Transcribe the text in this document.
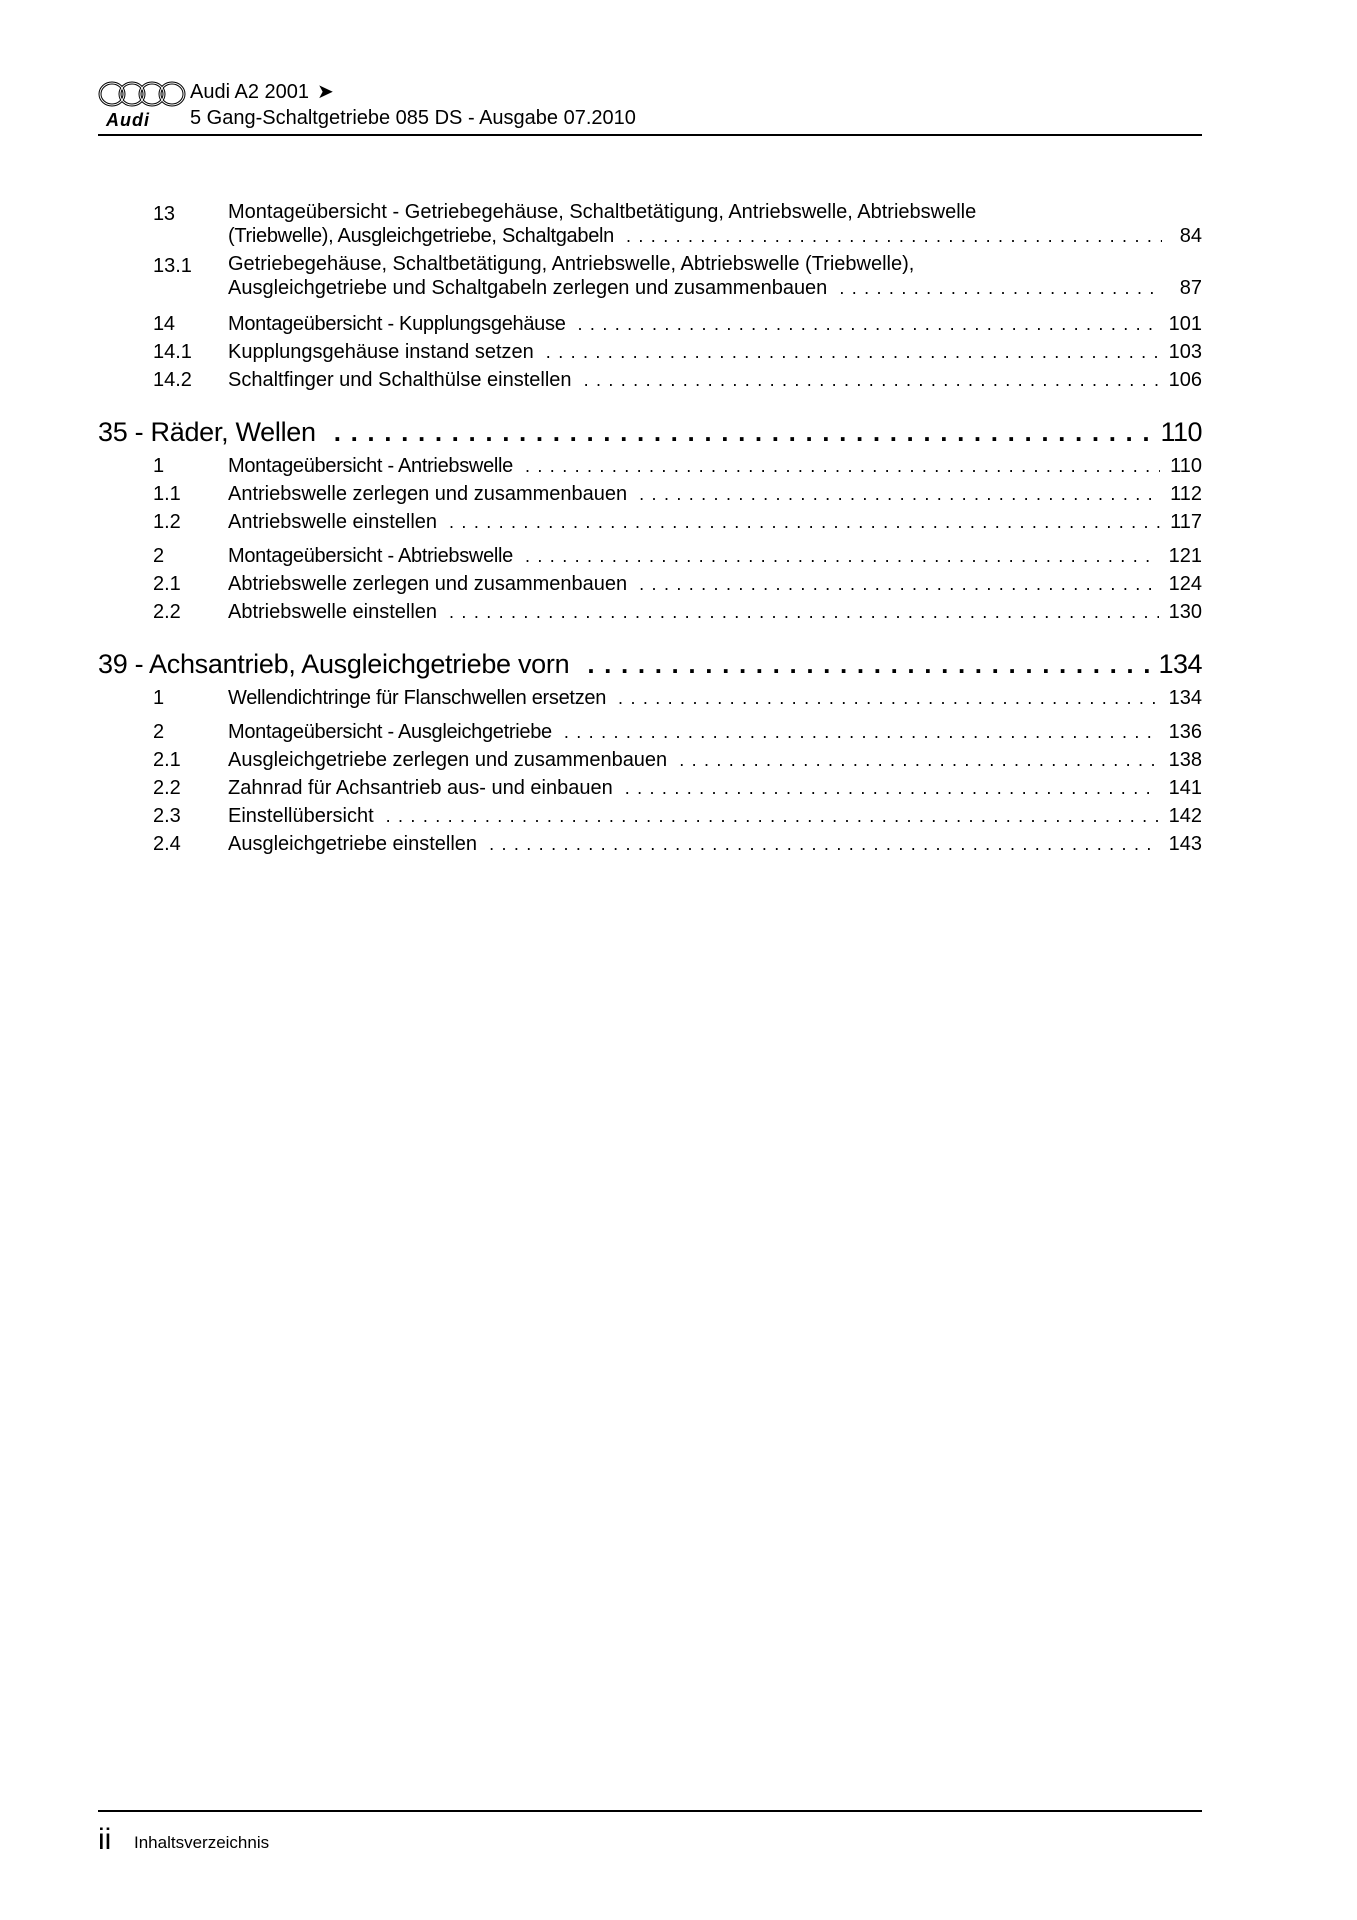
Audi
Audi A2 2001 ➤
5 Gang-Schaltgetriebe 085 DS - Ausgabe 07.2010
13	Montageübersicht - Getriebegehäuse, Schaltbetätigung, Antriebswelle, Abtriebswelle
(Triebwelle), Ausgleichgetriebe, Schaltgabeln . . .	84
13.1 Getriebegehäuse, Schaltbetätigung, Antriebswelle, Abtriebswelle (Triebwelle),
Ausgleichgetriebe und Schaltgabeln zerlegen und zusammenbauen . . .	87
14	Montageübersicht - Kupplungsgehäuse . . .	101
14.1 Kupplungsgehäuse instand setzen . . .	103
14.2 Schaltfinger und Schalthülse einstellen . . .	106
35 - Räder, Wellen . . .	110
1	Montageübersicht - Antriebswelle . . .	110
1.1 Antriebswelle zerlegen und zusammenbauen . . .	112
1.2 Antriebswelle einstellen . . .	117
2	Montageübersicht - Abtriebswelle . . .	121
2.1 Abtriebswelle zerlegen und zusammenbauen . . .	124
2.2 Abtriebswelle einstellen . . .	130
39 - Achsantrieb, Ausgleichgetriebe vorn . . .	134
1	Wellendichtringe für Flanschwellen ersetzen . . .	134
2	Montageübersicht - Ausgleichgetriebe . . .	136
2.1 Ausgleichgetriebe zerlegen und zusammenbauen . . .	138
2.2 Zahnrad für Achsantrieb aus- und einbauen . . .	141
2.3 Einstellübersicht . . .	142
2.4 Ausgleichgetriebe einstellen . . .	143
ii Inhaltsverzeichnis
